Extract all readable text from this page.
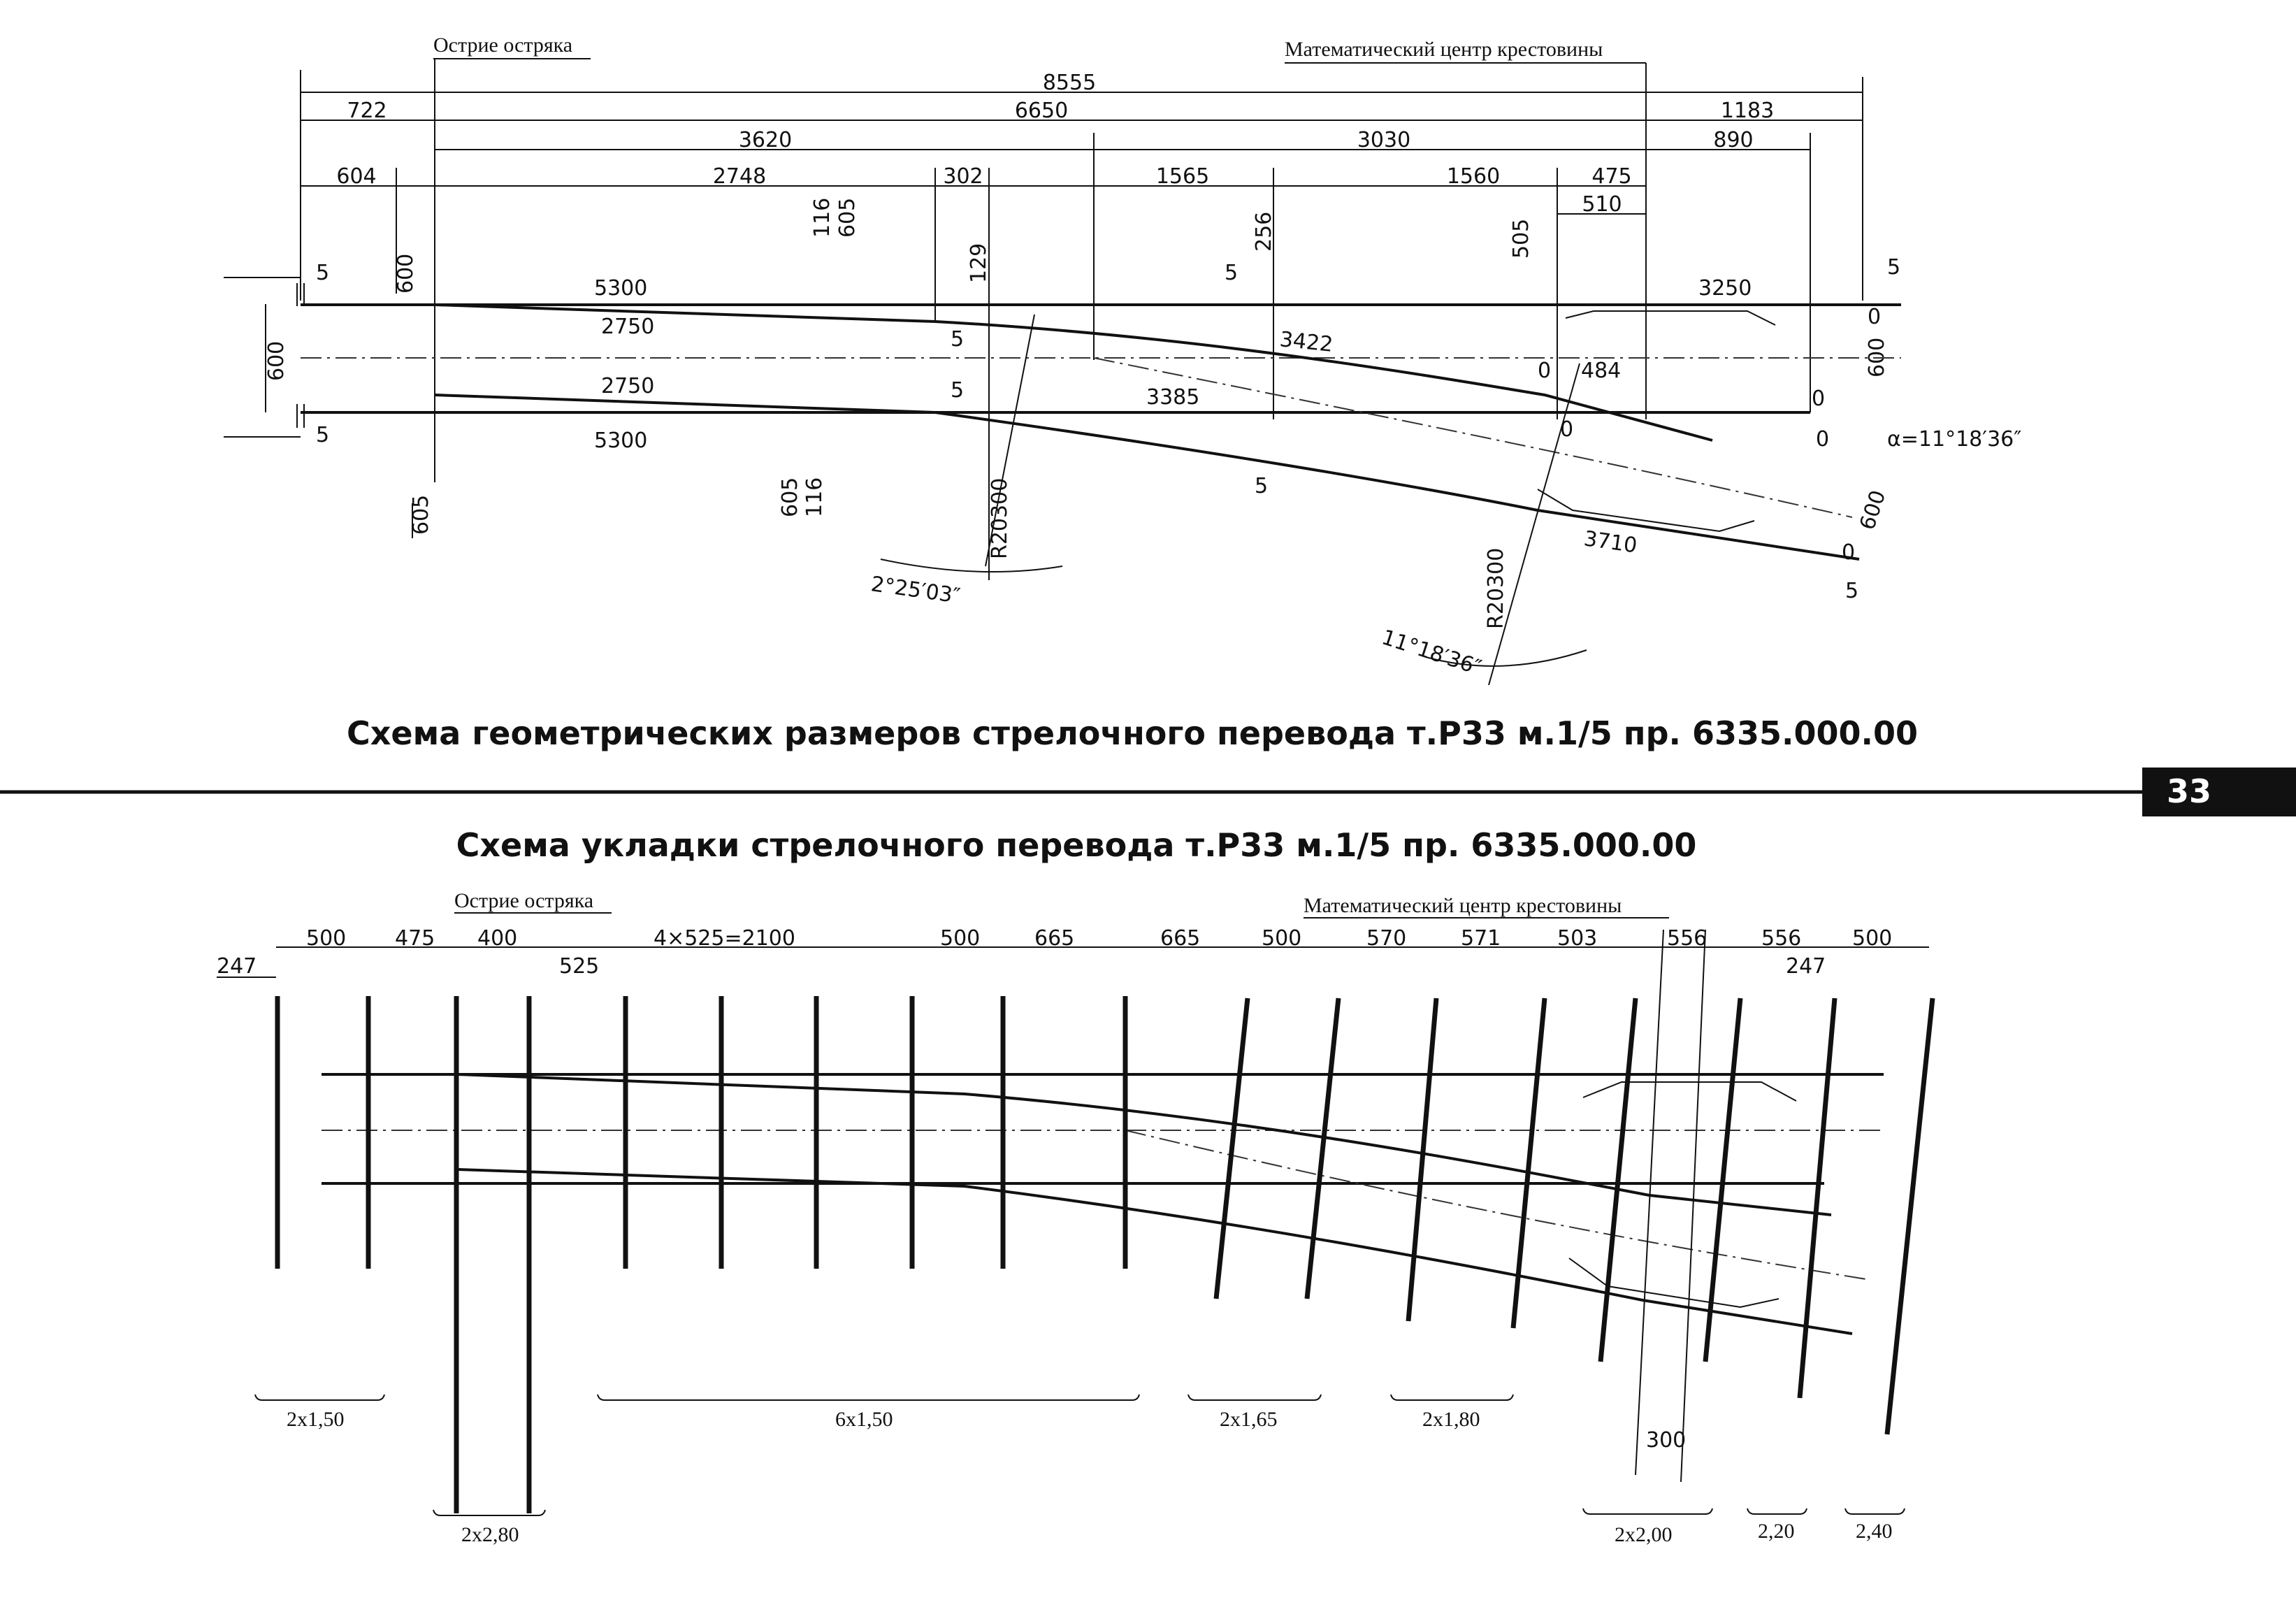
Острие остряка	Математический центр крестовины
8555
722	6650	1183
3620	3030	890
604	2748	302	1565	1560	475
510
116 605
129
256	505
600
600	600
5
5
5	5
5
5
5
5
5300
2750
2750
5300
3385
3422
484
3250
3710
0
0
0
0	0
0
α=11°18′36″
600
605 116
605	R20300
2°25′03″	R20300
11°18′36″
Схема геометрических размеров стрелочного перевода т.Р33 м.1/5 пр. 6335.000.00
33
Схема укладки стрелочного перевода т.Р33 м.1/5 пр. 6335.000.00
Острие остряка	Математический центр крестовины
247
500 475 400	4×525=2100
525
500	665	665	500	570	571	503	556	556
247
500
300
2х1,50
2х2,80
6х1,50	2х1,65	2х1,80
2х2,00	2,20	2,40
